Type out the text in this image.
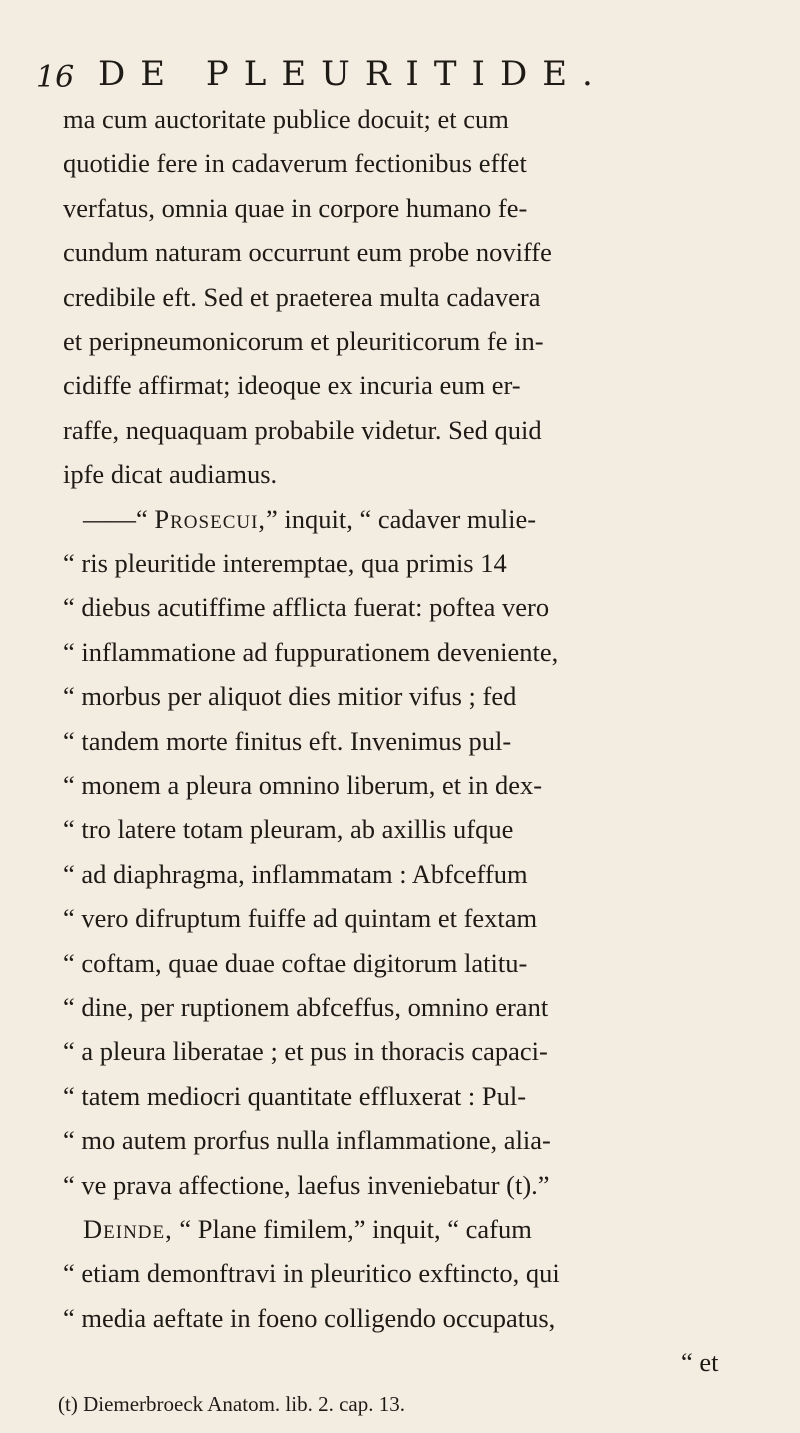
16 DE PLEURITIDE.
ma cum auctoritate publice docuit; et cum
quotidie fere in cadaverum fectionibus effet
verfatus, omnia quae in corpore humano fe-
cundum naturam occurrunt eum probe noviffe
credibile eft. Sed et praeterea multa cadavera
et peripneumonicorum et pleuriticorum fe in-
cidiffe affirmat; ideoque ex incuria eum er-
raffe, nequaquam probabile videtur. Sed quid
ipfe dicat audiamus.
——“ Prosecui,” inquit, “ cadaver mulie-
“ ris pleuritide interemptae, qua primis 14
“ diebus acutiffime afflicta fuerat: poftea vero
“ inflammatione ad fuppurationem deveniente,
“ morbus per aliquot dies mitior vifus ; fed
“ tandem morte finitus eft. Invenimus pul-
“ monem a pleura omnino liberum, et in dex-
“ tro latere totam pleuram, ab axillis ufque
“ ad diaphragma, inflammatam : Abfceffum
“ vero difruptum fuiffe ad quintam et fextam
“ coftam, quae duae coftae digitorum latitu-
“ dine, per ruptionem abfceffus, omnino erant
“ a pleura liberatae ; et pus in thoracis capaci-
“ tatem mediocri quantitate effluxerat : Pul-
“ mo autem prorfus nulla inflammatione, alia-
“ ve prava affectione, laefus inveniebatur (t).”
Deinde, “ Plane fimilem,” inquit, “ cafum
“ etiam demonftravi in pleuritico exftincto, qui
“ media aeftate in foeno colligendo occupatus,
“ et
(t) Diemerbroeck Anatom. lib. 2. cap. 13.
